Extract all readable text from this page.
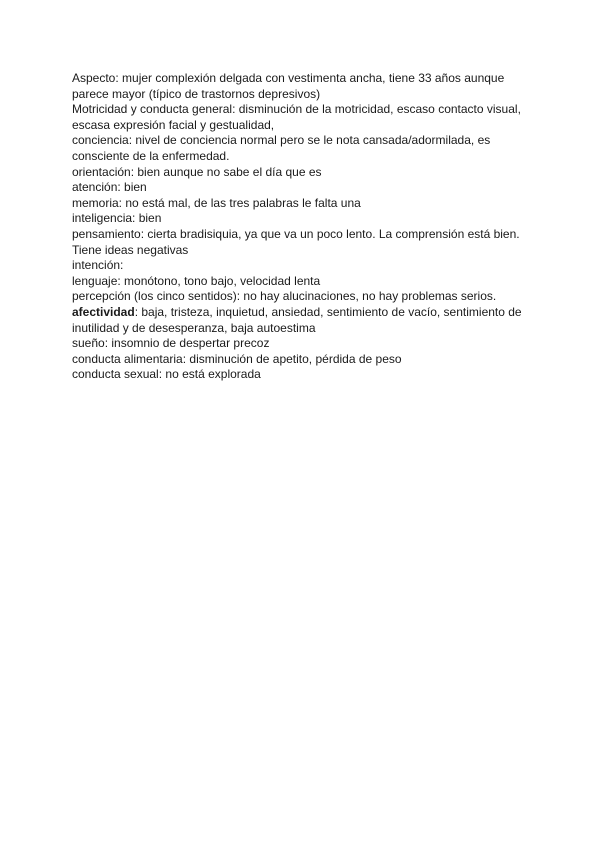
Aspecto: mujer complexión delgada con vestimenta ancha, tiene 33 años aunque parece mayor (típico de trastornos depresivos)

Motricidad y conducta general: disminución de la motricidad, escaso contacto visual, escasa expresión facial y gestualidad,

conciencia: nivel de conciencia normal pero se le nota cansada/adormilada, es consciente de la enfermedad.

orientación: bien aunque no sabe el día que es

atención: bien

memoria: no está mal, de las tres palabras le falta una

inteligencia: bien

pensamiento: cierta bradisiquia, ya que va un poco lento. La comprensión está bien. Tiene ideas negativas

intención:

lenguaje: monótono, tono bajo, velocidad lenta

percepción (los cinco sentidos): no hay alucinaciones, no hay problemas serios.

afectividad: baja, tristeza, inquietud, ansiedad, sentimiento de vacío, sentimiento de inutilidad y de desesperanza, baja autoestima

sueño: insomnio de despertar precoz

conducta alimentaria: disminución de apetito, pérdida de peso

conducta sexual: no está explorada
